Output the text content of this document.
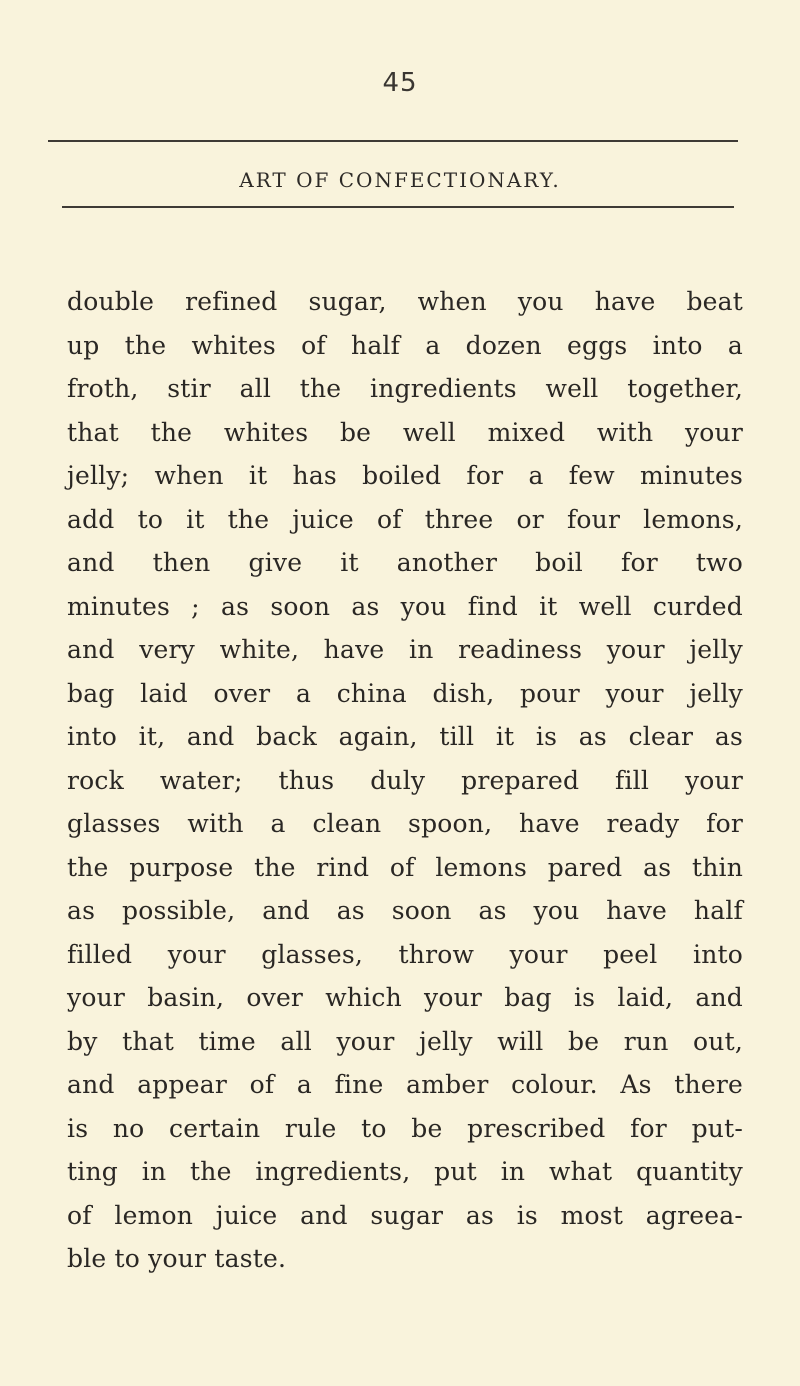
45
ART OF CONFECTIONARY.
double refined sugar, when you have beat
up the whites of half a dozen eggs into a
froth, stir all the ingredients well together,
that the whites be well mixed with your
jelly; when it has boiled for a few minutes
add to it the juice of three or four lemons,
and then give it another boil for two
minutes ; as soon as you find it well curded
and very white, have in readiness your jelly
bag laid over a china dish, pour your jelly
into it, and back again, till it is as clear as
rock water; thus duly prepared fill your
glasses with a clean spoon, have ready for
the purpose the rind of lemons pared as thin
as possible, and as soon as you have half
filled your glasses, throw your peel into
your basin, over which your bag is laid, and
by that time all your jelly will be run out,
and appear of a fine amber colour. As there
is no certain rule to be prescribed for put-
ting in the ingredients, put in what quantity
of lemon juice and sugar as is most agreea-
ble to your taste.
